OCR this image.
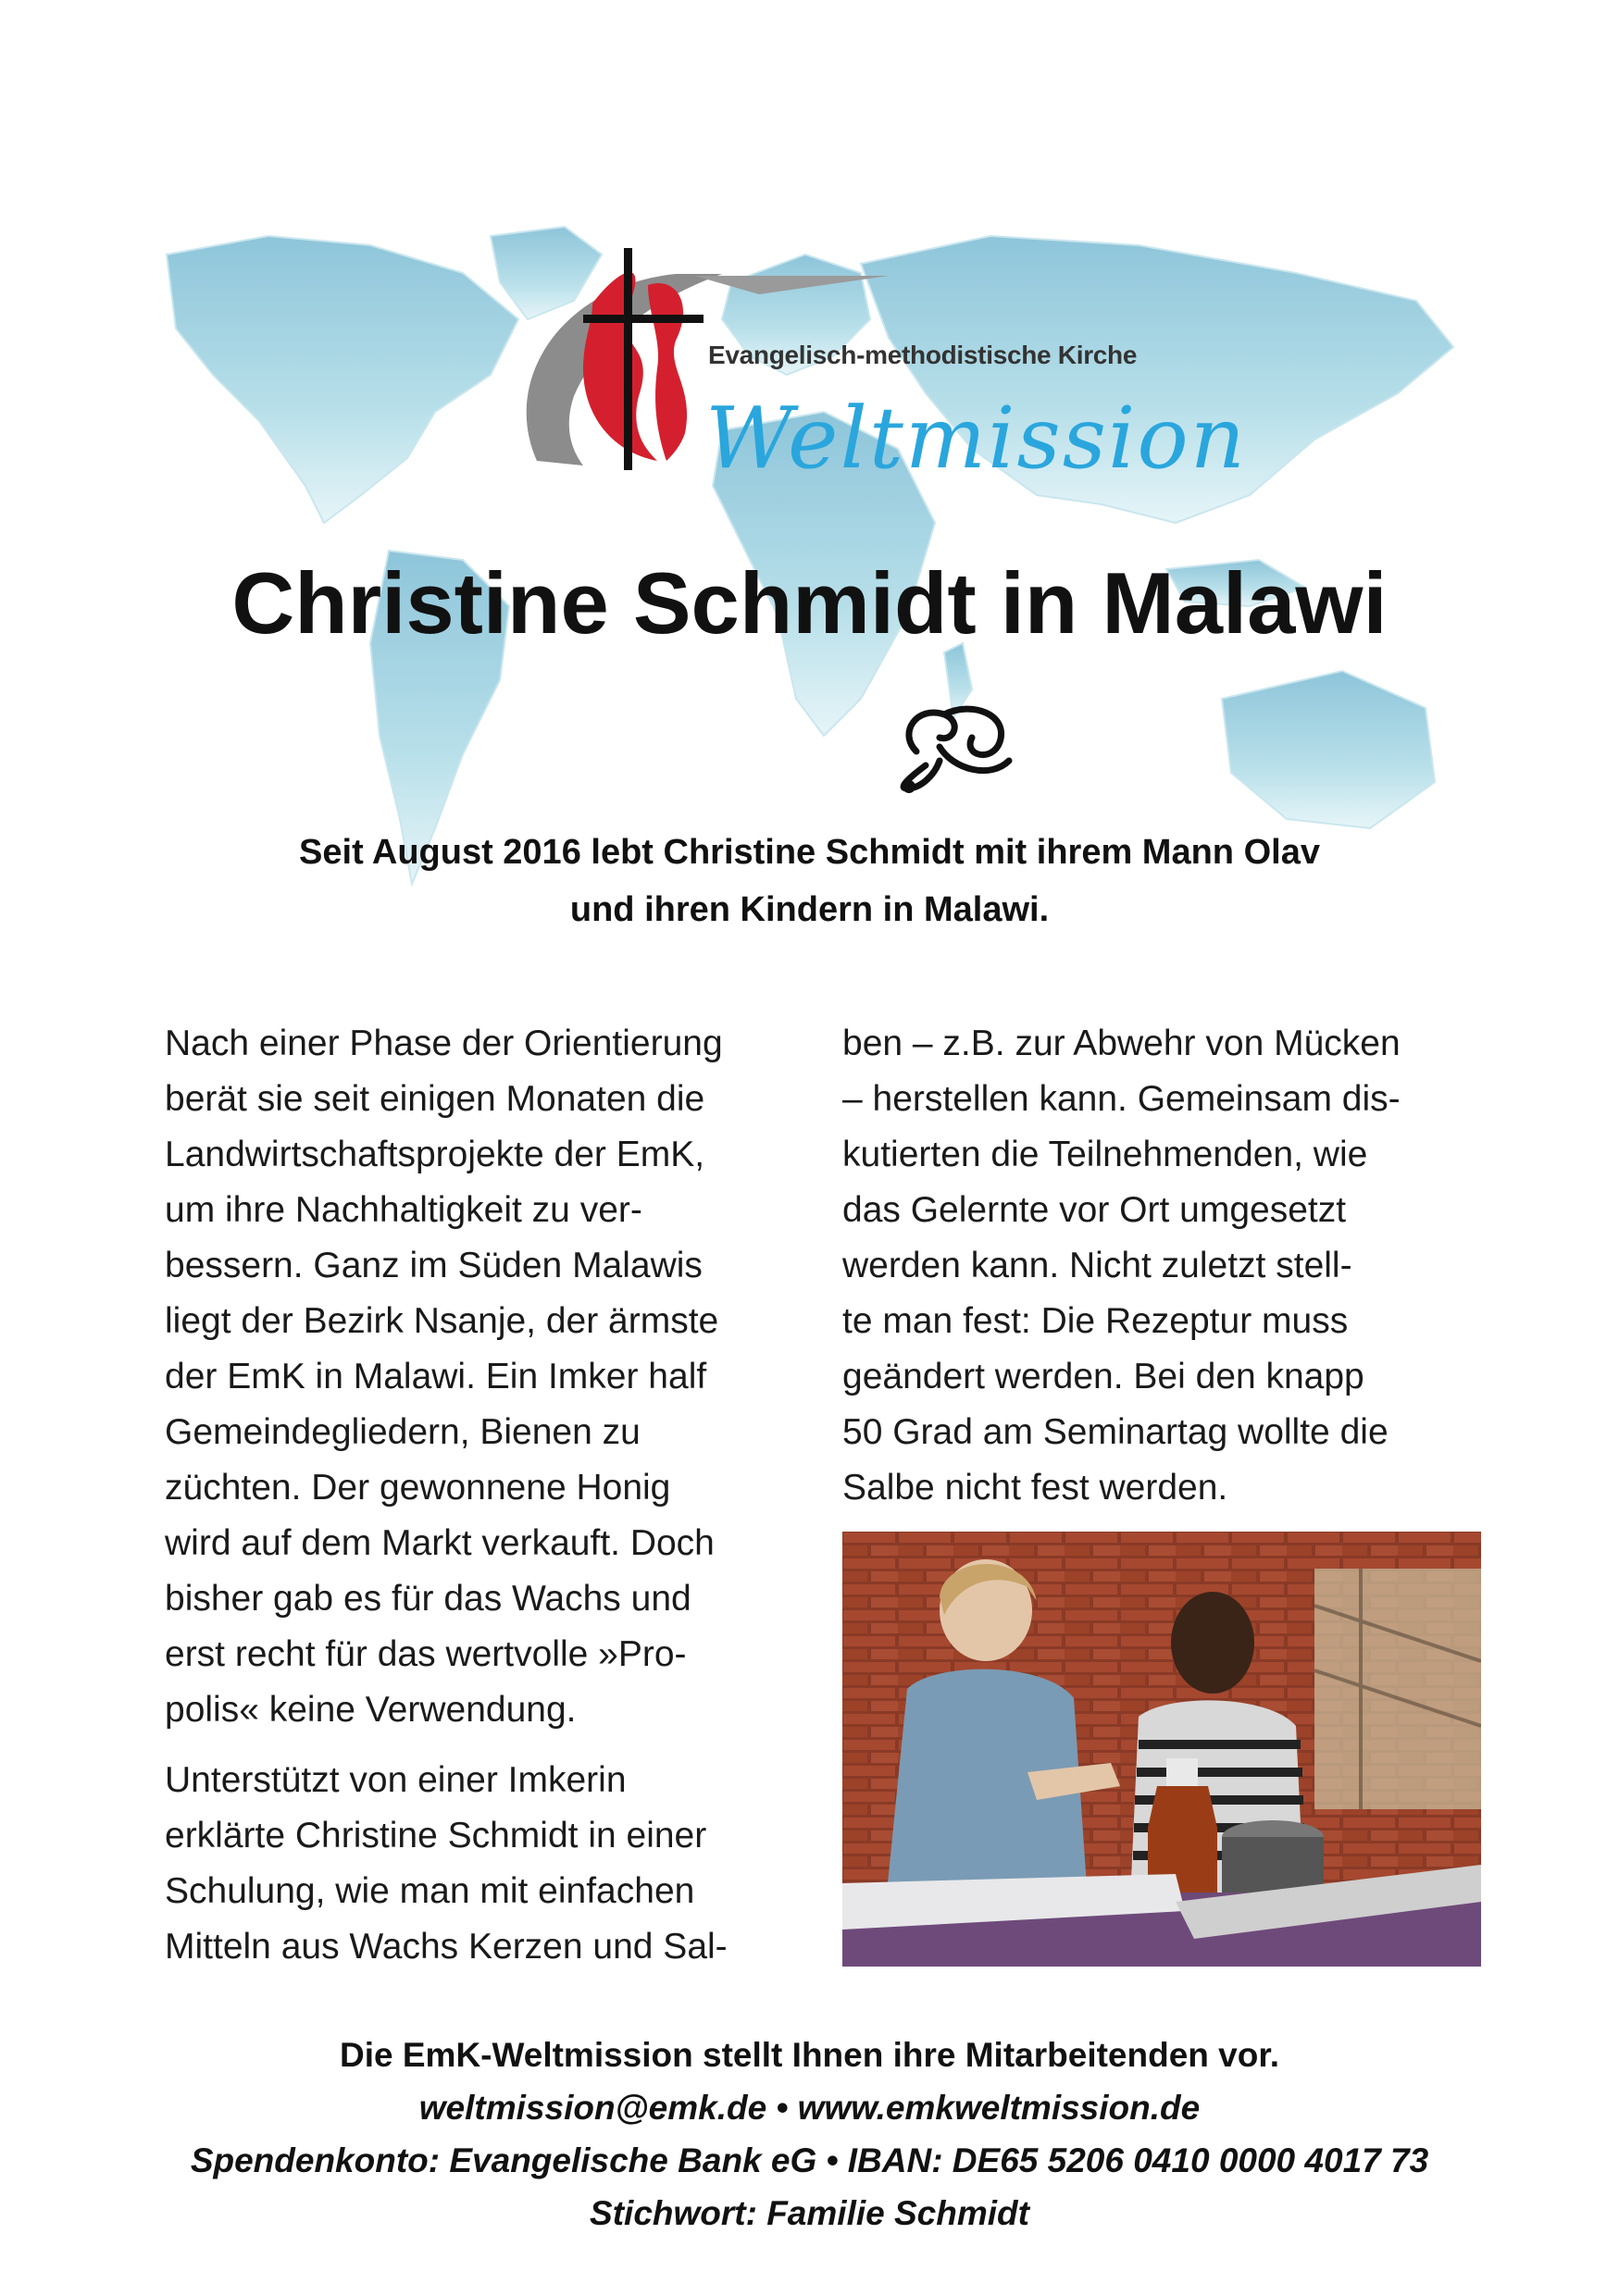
Evangelisch-methodistische Kirche
Weltmission
Christine Schmidt in Malawi
Seit August 2016 lebt Christine Schmidt mit ihrem Mann Olav
und ihren Kindern in Malawi.

Nach einer Phase der Orientierung

berät sie seit einigen Monaten die

Landwirtschaftsprojekte der EmK,

um ihre Nachhaltigkeit zu ver-

bessern. Ganz im Süden Malawis

liegt der Bezirk Nsanje, der ärmste

der EmK in Malawi. Ein Imker half

Gemeindegliedern, Bienen zu

züchten. Der gewonnene Honig

wird auf dem Markt verkauft. Doch

bisher gab es für das Wachs und

erst recht für das wertvolle »Pro-

polis« keine Verwendung.

Unterstützt von einer Imkerin

erklärte Christine Schmidt in einer

Schulung, wie man mit einfachen

Mitteln aus Wachs Kerzen und Sal-

ben – z.B. zur Abwehr von Mücken

– herstellen kann. Gemeinsam dis-

kutierten die Teilnehmenden, wie

das Gelernte vor Ort umgesetzt

werden kann. Nicht zuletzt stell-

te man fest: Die Rezeptur muss

geändert werden. Bei den knapp

50 Grad am Seminartag wollte die

Salbe nicht fest werden.

Die EmK-Weltmission stellt Ihnen ihre Mitarbeitenden vor.
weltmission@emk.de • www.emkweltmission.de
Spendenkonto: Evangelische Bank eG • IBAN: DE65 5206 0410 0000 4017 73
Stichwort: Familie Schmidt
